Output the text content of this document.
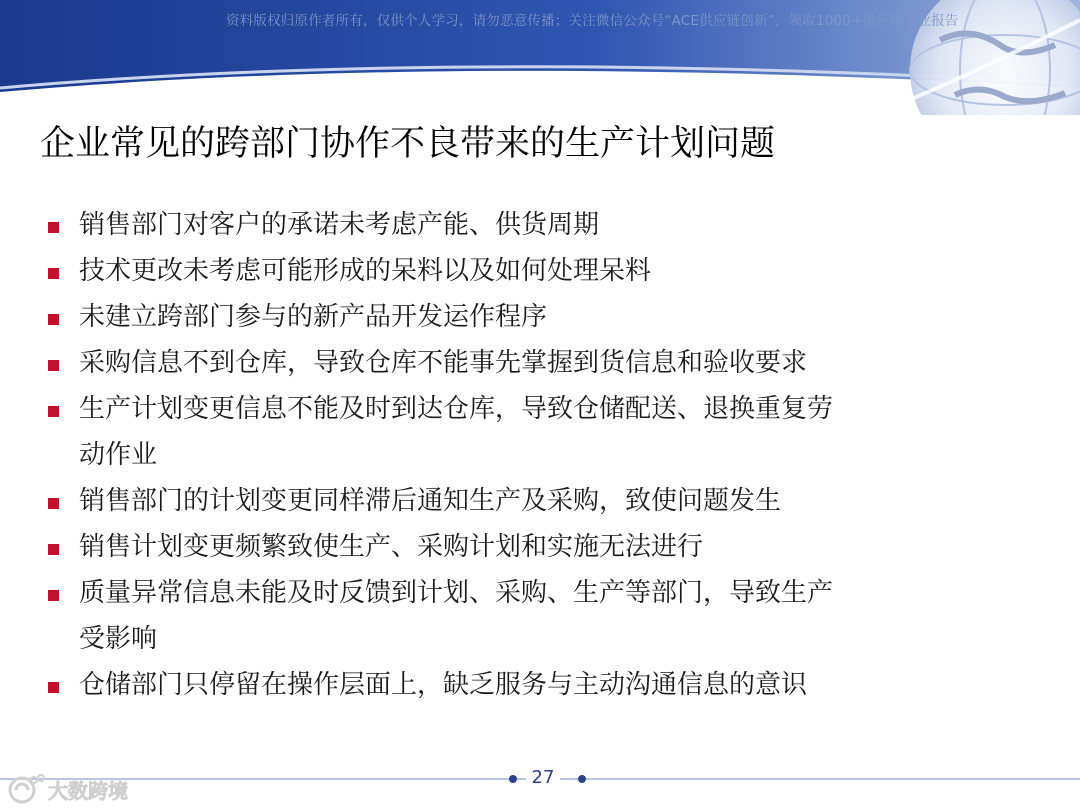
资料版权归原作者所有，仅供个人学习，请勿恶意传播；关注微信公众号“ACE供应链创新”，领取1000+供应链专业报告
企业常见的跨部门协作不良带来的生产计划问题
销售部门对客户的承诺未考虑产能、供货周期
技术更改未考虑可能形成的呆料以及如何处理呆料
未建立跨部门参与的新产品开发运作程序
采购信息不到仓库，导致仓库不能事先掌握到货信息和验收要求
生产计划变更信息不能及时到达仓库，导致仓储配送、退换重复劳
动作业
销售部门的计划变更同样滞后通知生产及采购，致使问题发生
销售计划变更频繁致使生产、采购计划和实施无法进行
质量异常信息未能及时反馈到计划、采购、生产等部门，导致生产
受影响
仓储部门只停留在操作层面上，缺乏服务与主动沟通信息的意识
27
大数跨境
